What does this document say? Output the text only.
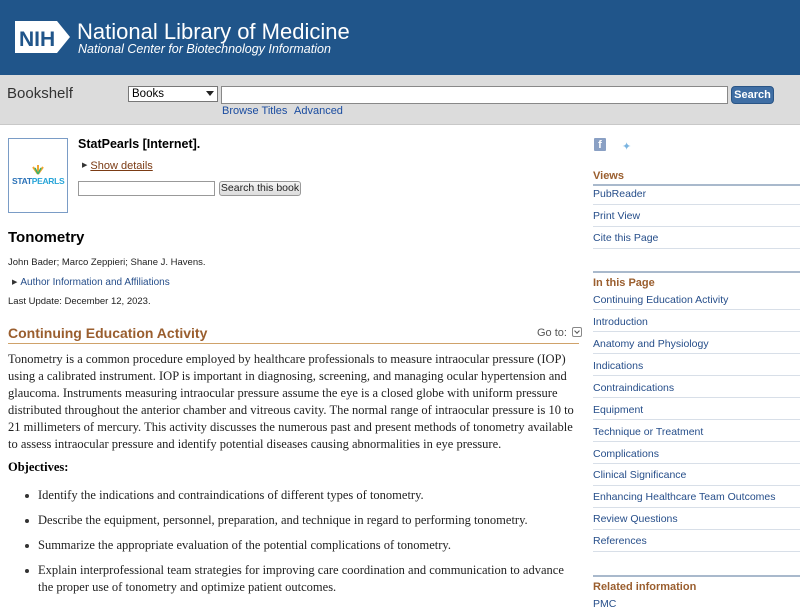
NIH National Library of Medicine
National Center for Biotechnology Information
Bookshelf	Books	Search
Browse Titles Advanced
STATPEARLS
StatPearls [Internet].
▶ Show details
Search this book
Tonometry
John Bader; Marco Zeppieri; Shane J. Havens.
▶ Author Information and Affiliations
Last Update: December 12, 2023.
Continuing Education Activity	Go to:

Tonometry is a common procedure employed by healthcare professionals to measure intraocular pressure (IOP) using a calibrated instrument. IOP is important in diagnosing, screening, and managing ocular hypertension and glaucoma. Instruments measuring intraocular pressure assume the eye is a closed globe with uniform pressure distributed throughout the anterior chamber and vitreous cavity. The normal range of intraocular pressure is 10 to 21 millimeters of mercury. This activity discusses the numerous past and present methods of tonometry available to assess intraocular pressure and identify potential diseases causing abnormalities in eye pressure.

Objectives:
Identify the indications and contraindications of different types of tonometry.
Describe the equipment, personnel, preparation, and technique in regard to performing tonometry.
Summarize the appropriate evaluation of the potential complications of tonometry.
Explain interprofessional team strategies for improving care coordination and communication to advance the proper use of tonometry and optimize patient outcomes.
f	✦
Views
PubReader
Print View
Cite this Page
In this Page
Continuing Education Activity
Introduction
Anatomy and Physiology
Indications
Contraindications
Equipment
Technique or Treatment
Complications
Clinical Significance
Enhancing Healthcare Team Outcomes
Review Questions
References
Related information
PMC
